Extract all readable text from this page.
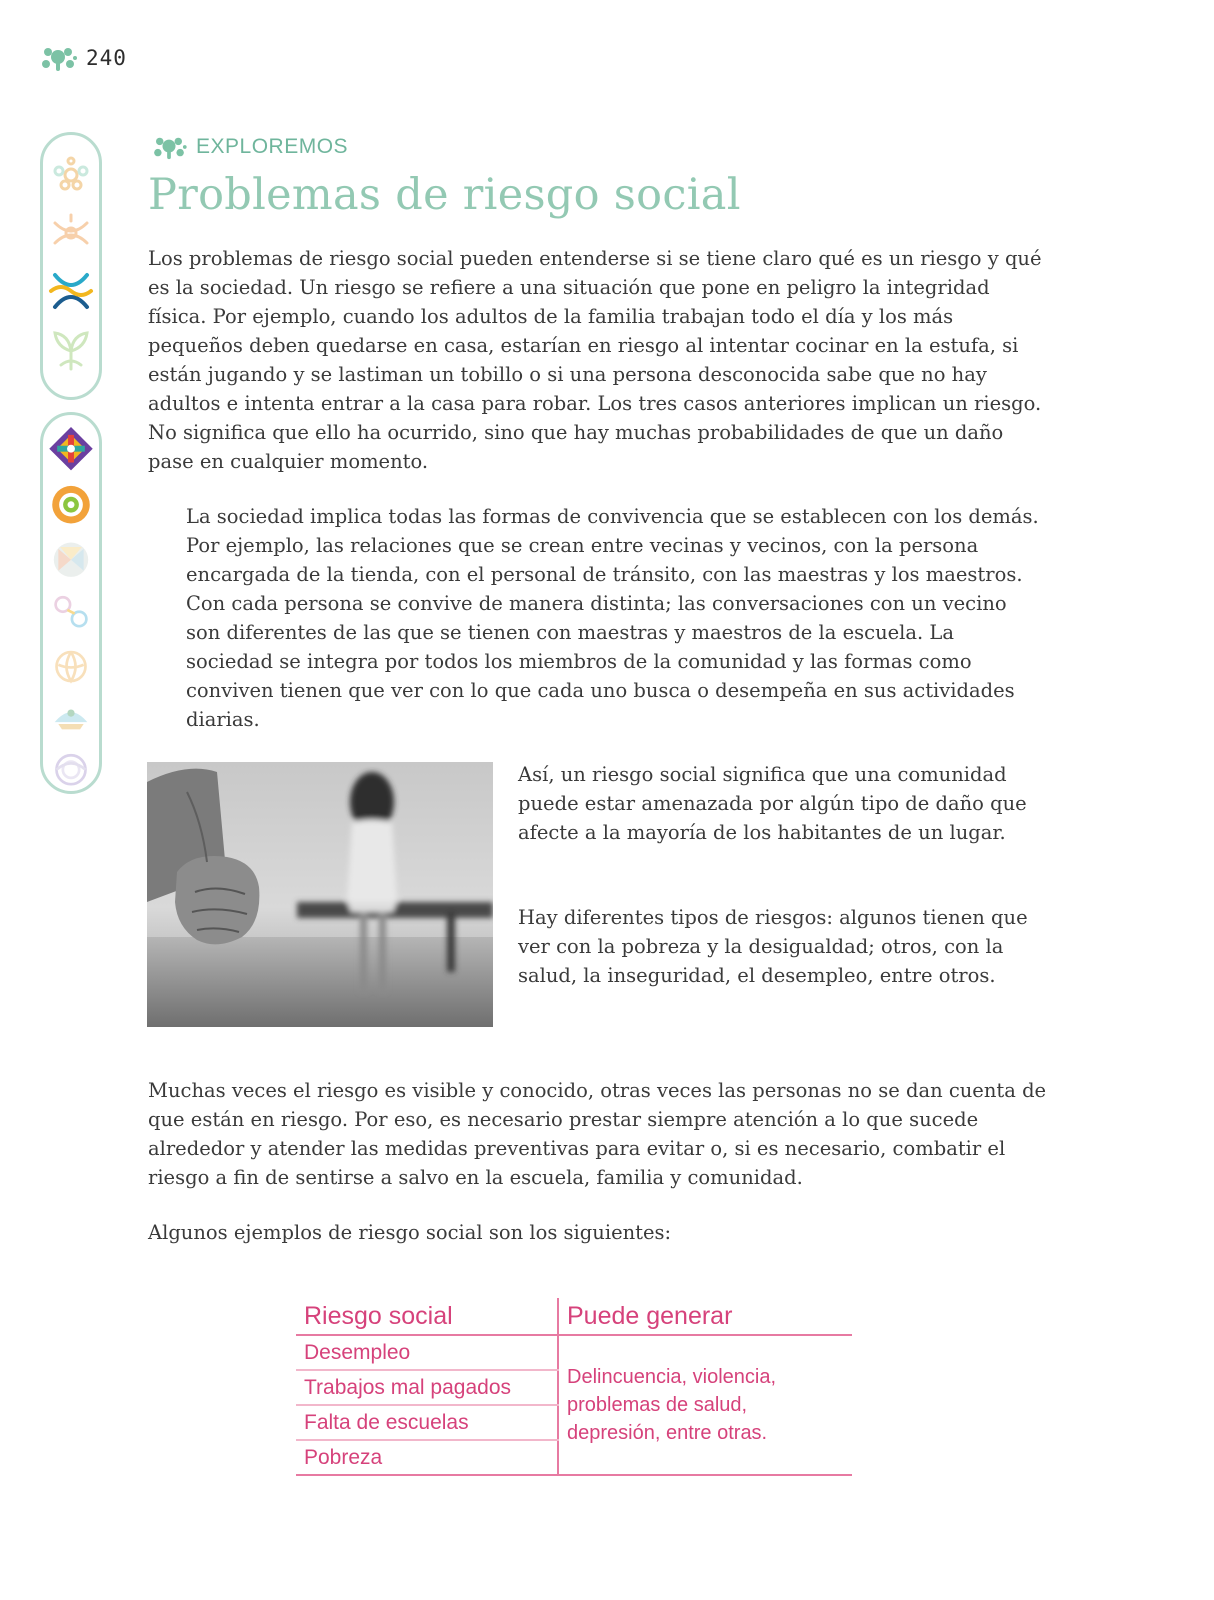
240
EXPLOREMOS
Problemas de riesgo social

Los problemas de riesgo social pueden entenderse si se tiene claro qué es un riesgo y qué es la sociedad. Un riesgo se refiere a una situación que pone en peligro la integridad física. Por ejemplo, cuando los adultos de la familia trabajan todo el día y los más pequeños deben quedarse en casa, estarían en riesgo al intentar cocinar en la estufa, si están jugando y se lastiman un tobillo o si una persona desconocida sabe que no hay adultos e intenta entrar a la casa para robar. Los tres casos anteriores implican un riesgo. No significa que ello ha ocurrido, sino que hay muchas probabilidades de que un daño pase en cualquier momento.

La sociedad implica todas las formas de convivencia que se establecen con los demás. Por ejemplo, las relaciones que se crean entre vecinas y vecinos, con la persona encargada de la tienda, con el personal de tránsito, con las maestras y los maestros. Con cada persona se convive de manera distinta; las conversaciones con un vecino son diferentes de las que se tienen con maestras y maestros de la escuela. La sociedad se integra por todos los miembros de la comunidad y las formas como conviven tienen que ver con lo que cada uno busca o desempeña en sus actividades diarias.

Así, un riesgo social significa que una comunidad puede estar amenazada por algún tipo de daño que afecte a la mayoría de los habitantes de un lugar.

Hay diferentes tipos de riesgos: algunos tienen que ver con la pobreza y la desigualdad; otros, con la salud, la inseguridad, el desempleo, entre otros.

Muchas veces el riesgo es visible y conocido, otras veces las personas no se dan cuenta de que están en riesgo. Por eso, es necesario prestar siempre atención a lo que sucede alrededor y atender las medidas preventivas para evitar o, si es necesario, combatir el riesgo a fin de sentirse a salvo en la escuela, familia y comunidad.

Algunos ejemplos de riesgo social son los siguientes:

Riesgo social	Puede generar
Desempleo	Delincuencia, violencia, problemas de salud, depresión, entre otras.
Trabajos mal pagados	
Falta de escuelas	
Pobreza	
